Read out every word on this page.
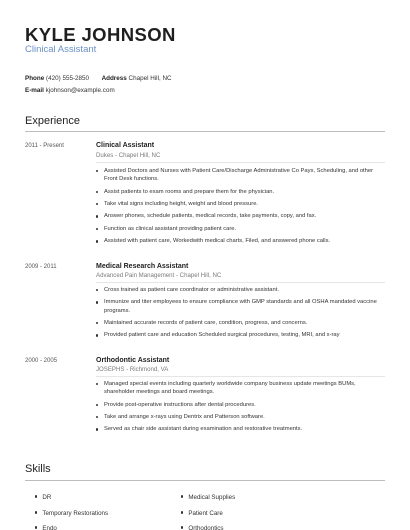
KYLE JOHNSON
Clinical Assistant
Phone (420) 555-2850 Address Chapel Hill, NC
E-mail kjohnson@example.com
Experience
2011 - Present	Clinical Assistant
Dukes - Chapel Hill, NC
Assisted Doctors and Nurses with Patient Care/Discharge Administrative Co Pays, Scheduling, and other Front Desk functions.
Assist patients to exam rooms and prepare them for the physician.
Take vital signs including height, weight and blood pressure.
Answer phones, schedule patients, medical records, take payments, copy, and fax.
Function as clinical assistant providing patient care.
Assisted with patient care, Workedwith medical charts, Filed, and answered phone calls.
2009 - 2011	Medical Research Assistant
Advanced Pain Management - Chapel Hill, NC
Cross trained as patient care coordinator or administrative assistant.
Immunize and titer employees to ensure compliance with GMP standards and all OSHA mandated vaccine programs.
Maintained accurate records of patient care, condition, progress, and concerns.
Provided patient care and education Scheduled surgical procedures, testing, MRI, and x-ray
2000 - 2005	Orthodontic Assistant
JOSEPHS - Richmond, VA
Managed special events including quarterly worldwide company business update meetings BUMs, shareholder meetings and board meetings.
Provide post-operative instructions after dental procedures.
Take and arrange x-rays using Dentrix and Patterson software.
Served as chair side assistant during examination and restorative treatments.
Skills
DR	Medical Supplies
Temporary Restorations	Patient Care
Endo	Orthodontics
